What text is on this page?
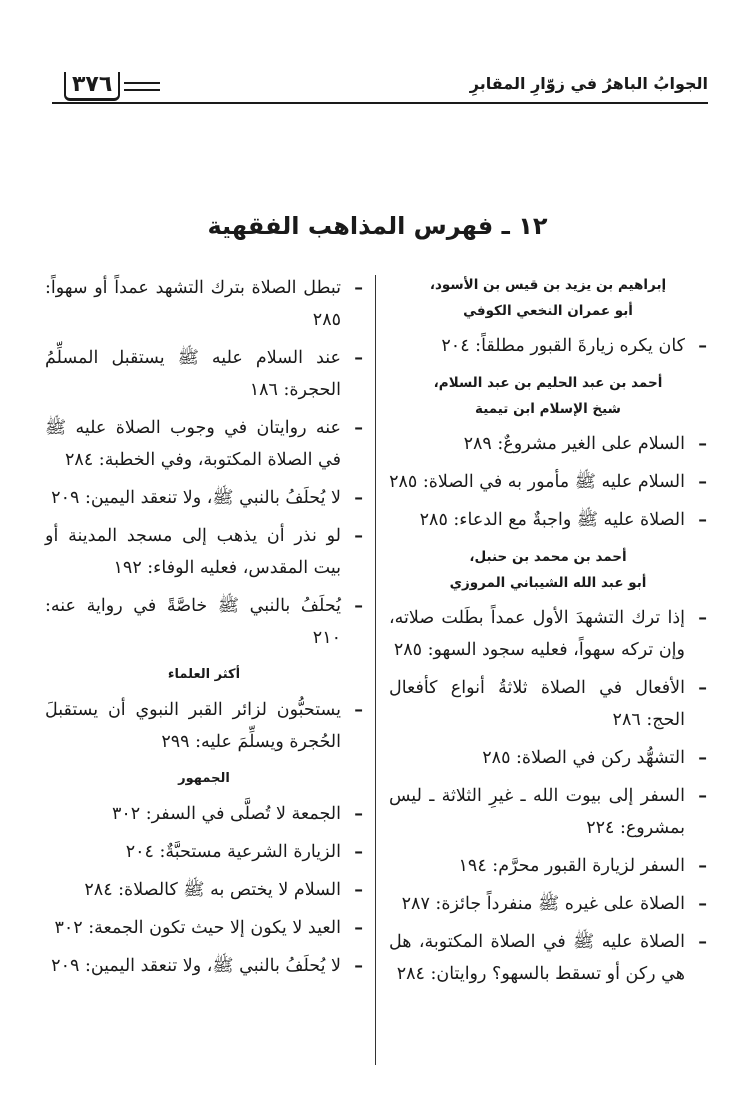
الجوابُ الباهرُ في زوّارِ المقابرِ
٣٧٦
١٢ ـ فهرس المذاهب الفقهية
إبراهيم بن يزيد بن قيس بن الأسود،
أبو عمران النخعي الكوفي
–
كان يكره زيارةَ القبور مطلقاً: ٢٠٤
أحمد بن عبد الحليم بن عبد السلام،
شيخ الإسلام ابن تيمية
–
السلام على الغير مشروعٌ: ٢٨٩
–
السلام عليه ﷺ مأمور به في الصلاة: ٢٨٥
–
الصلاة عليه ﷺ واجبةٌ مع الدعاء: ٢٨٥
أحمد بن محمد بن حنبل،
أبو عبد الله الشيباني المروزي
–
إذا ترك التشهدَ الأول عمداً بطَلت صلاته، وإن تركه سهواً، فعليه سجود السهو: ٢٨٥
–
الأفعال في الصلاة ثلاثةُ أنواع كأفعال الحج: ٢٨٦
–
التشهُّد ركن في الصلاة: ٢٨٥
–
السفر إلى بيوت الله ـ غيرِ الثلاثة ـ ليس بمشروع: ٢٢٤
–
السفر لزيارة القبور محرَّم: ١٩٤
–
الصلاة على غيره ﷺ منفرداً جائزة: ٢٨٧
–
الصلاة عليه ﷺ في الصلاة المكتوبة، هل هي ركن أو تسقط بالسهو؟ روايتان: ٢٨٤
–
تبطل الصلاة بترك التشهد عمداً أو سهواً: ٢٨٥
–
عند السلام عليه ﷺ يستقبل المسلِّمُ الحجرة: ١٨٦
–
عنه روايتان في وجوب الصلاة عليه ﷺ في الصلاة المكتوبة، وفي الخطبة: ٢٨٤
–
لا يُحلَفُ بالنبي ﷺ، ولا تنعقد اليمين: ٢٠٩
–
لو نذر أن يذهب إلى مسجد المدينة أو بيت المقدس، فعليه الوفاء: ١٩٢
–
يُحلَفُ بالنبي ﷺ خاصَّةً في رواية عنه: ٢١٠
أكثر العلماء
–
يستحبُّون لزائر القبر النبوي أن يستقبلَ الحُجرة ويسلِّمَ عليه: ٢٩٩
الجمهور
–
الجمعة لا تُصلَّى في السفر: ٣٠٢
–
الزيارة الشرعية مستحبَّةٌ: ٢٠٤
–
السلام لا يختص به ﷺ كالصلاة: ٢٨٤
–
العيد لا يكون إلا حيث تكون الجمعة: ٣٠٢
–
لا يُحلَفُ بالنبي ﷺ، ولا تنعقد اليمين: ٢٠٩
